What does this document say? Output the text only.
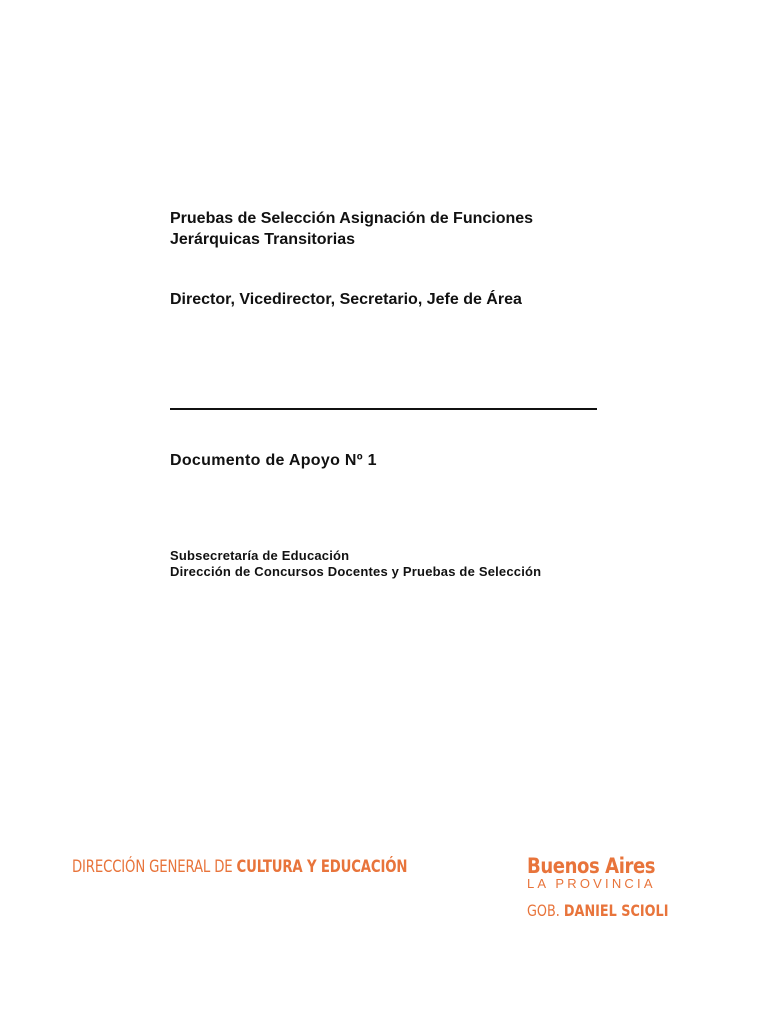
Pruebas de Selección Asignación de Funciones
Jerárquicas Transitorias
Director, Vicedirector, Secretario, Jefe de Área
Documento de Apoyo Nº 1
Subsecretaría de Educación
Dirección de Concursos Docentes y Pruebas de Selección
DIRECCIÓN GENERAL DE CULTURA Y EDUCACIÓN	Buenos Aires
LA PROVINCIA
GOB. DANIEL SCIOLI
